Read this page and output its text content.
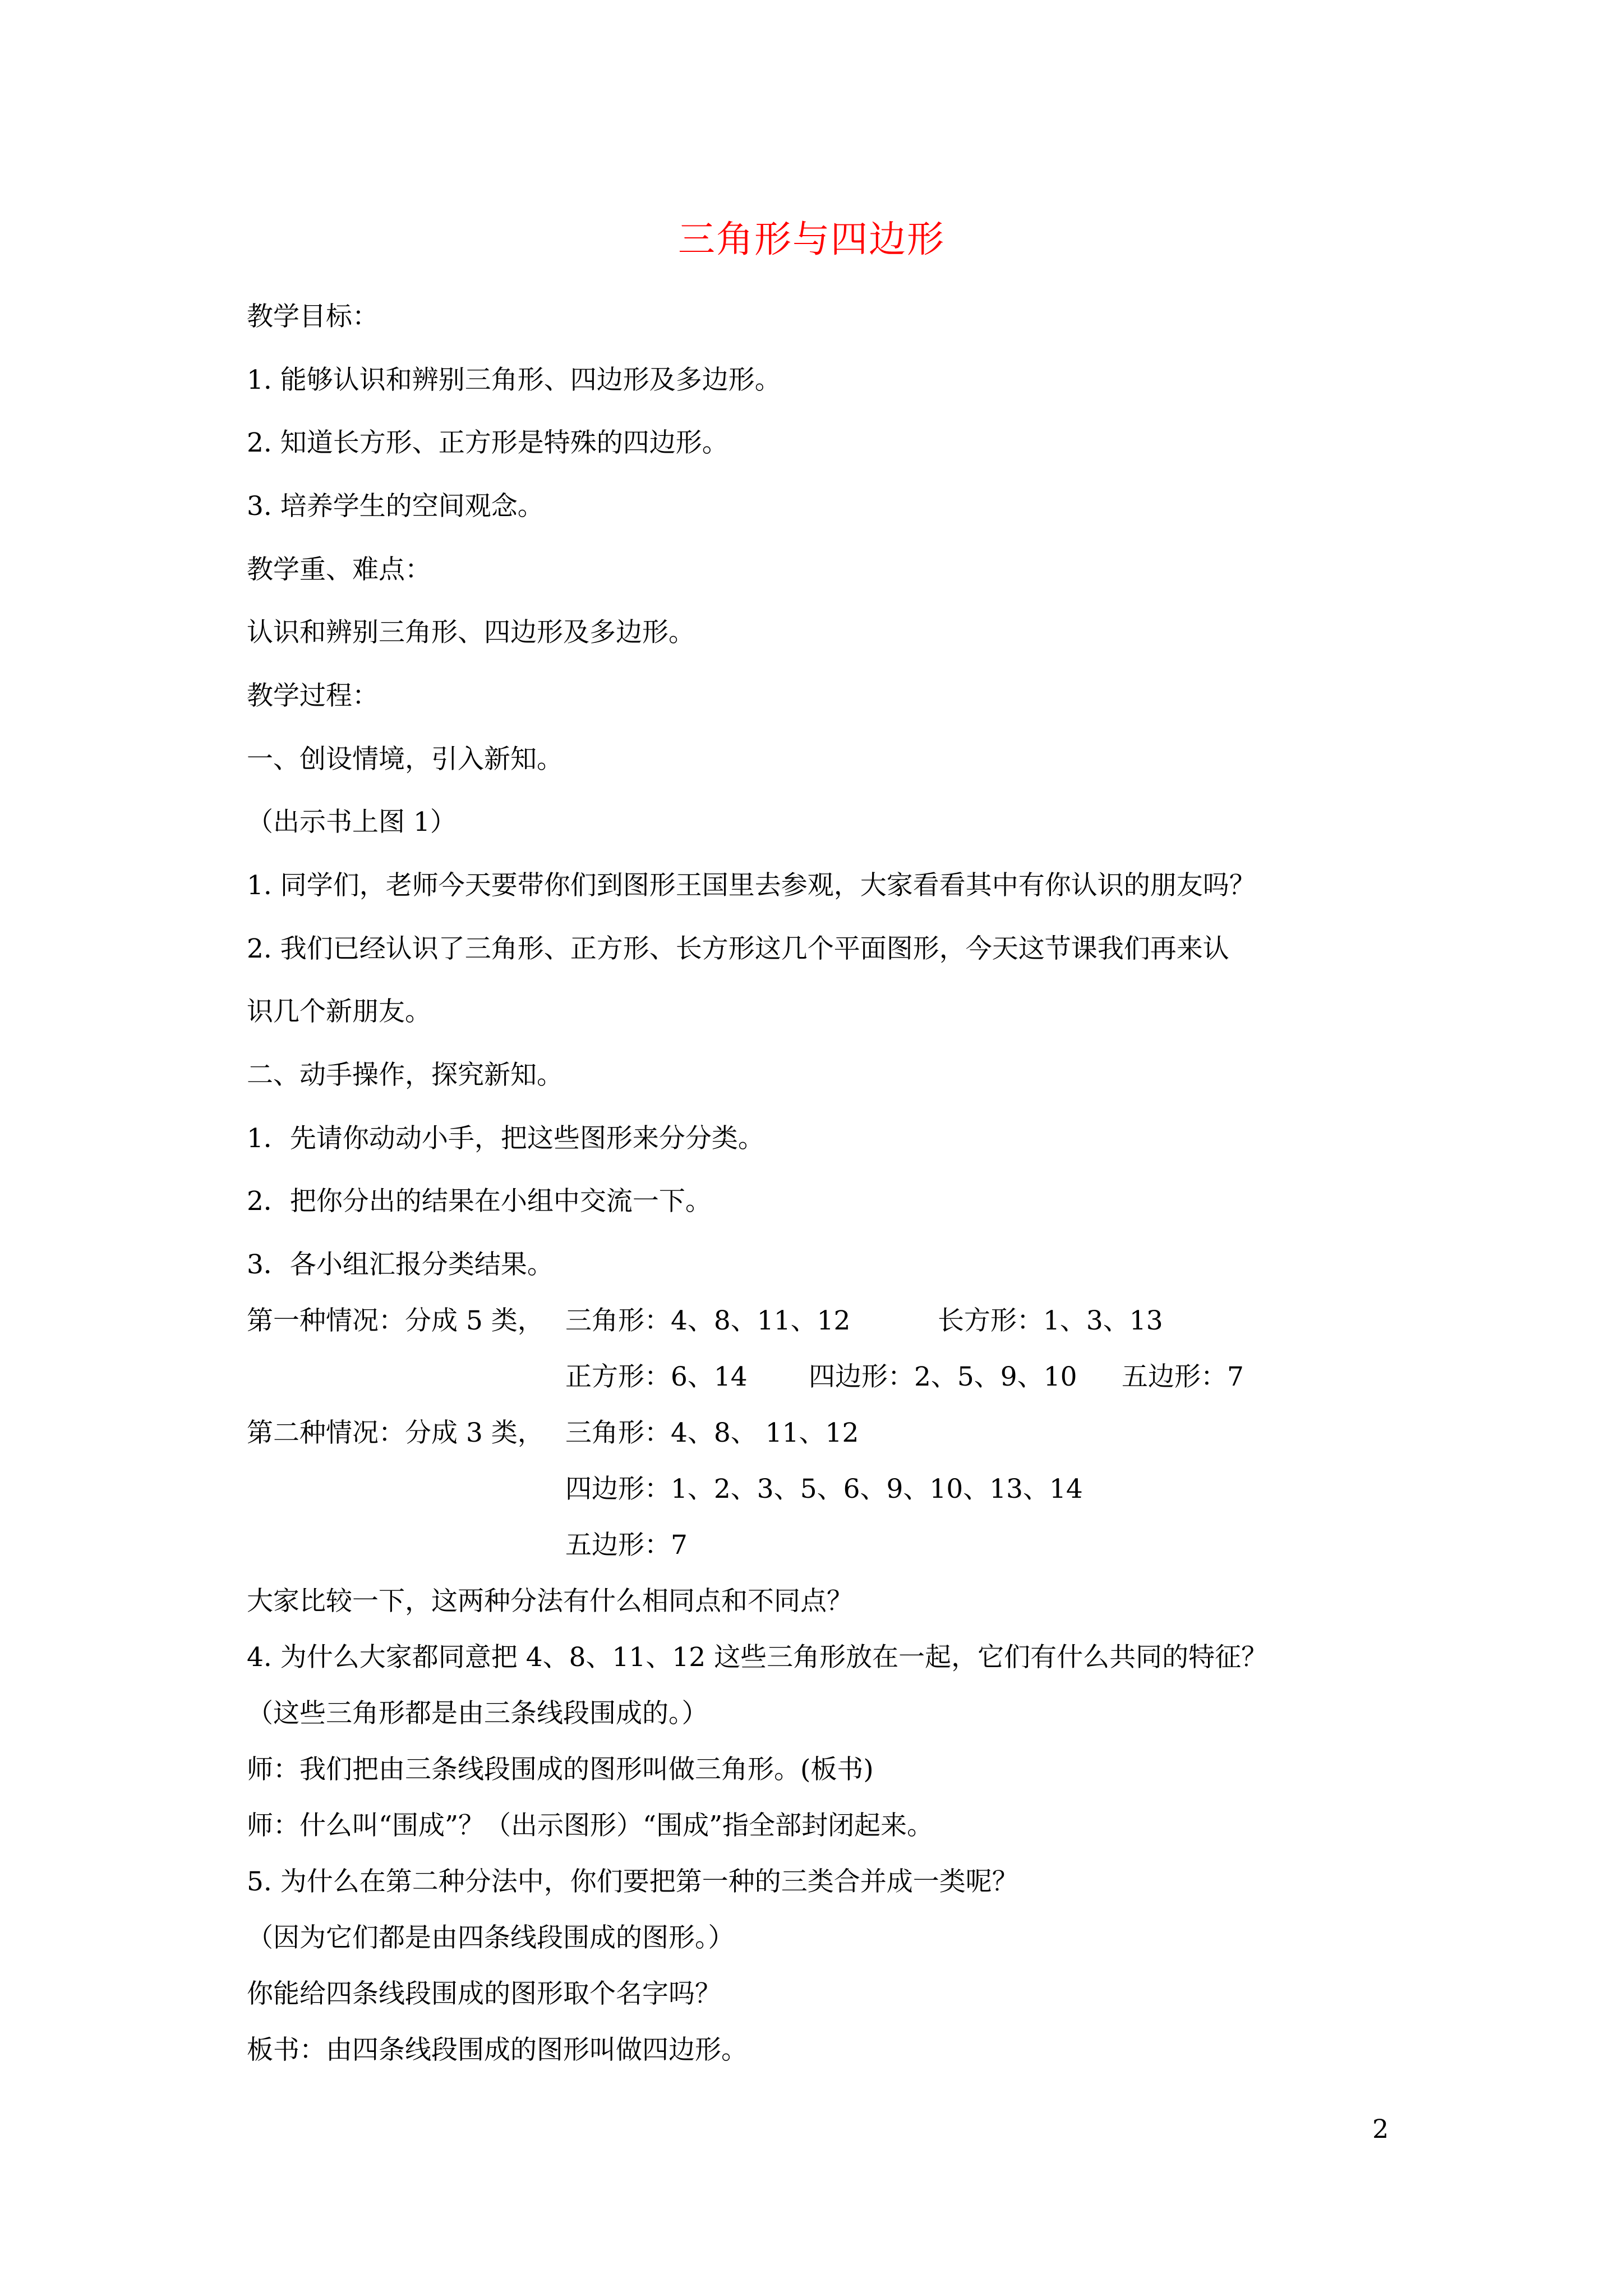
三角形与四边形
教学目标：
1. 能够认识和辨别三角形、四边形及多边形。
2. 知道长方形、正方形是特殊的四边形。
3. 培养学生的空间观念。
教学重、难点：
认识和辨别三角形、四边形及多边形。
教学过程：
一、创设情境，引入新知。
（出示书上图 1）
1. 同学们，老师今天要带你们到图形王国里去参观，大家看看其中有你认识的朋友吗？
2. 我们已经认识了三角形、正方形、长方形这几个平面图形，今天这节课我们再来认
识几个新朋友。
二、动手操作，探究新知。
1．先请你动动小手，把这些图形来分分类。
2．把你分出的结果在小组中交流一下。
3．各小组汇报分类结果。
第一种情况：分成 5 类， 三角形：4、8、11、12	长方形：1、3、13
正方形：6、14 四边形：2、5、9、10 五边形：7
第二种情况：分成 3 类， 三角形：4、8、 11、12
四边形：1、2、3、5、6、9、10、13、14
五边形：7
大家比较一下，这两种分法有什么相同点和不同点？
4. 为什么大家都同意把 4、8、11、12 这些三角形放在一起，它们有什么共同的特征？
（这些三角形都是由三条线段围成的。）
师：我们把由三条线段围成的图形叫做三角形。(板书)
师：什么叫“围成”？（出示图形）“围成”指全部封闭起来。
5. 为什么在第二种分法中，你们要把第一种的三类合并成一类呢？
（因为它们都是由四条线段围成的图形。）
你能给四条线段围成的图形取个名字吗？
板书：由四条线段围成的图形叫做四边形。
2
